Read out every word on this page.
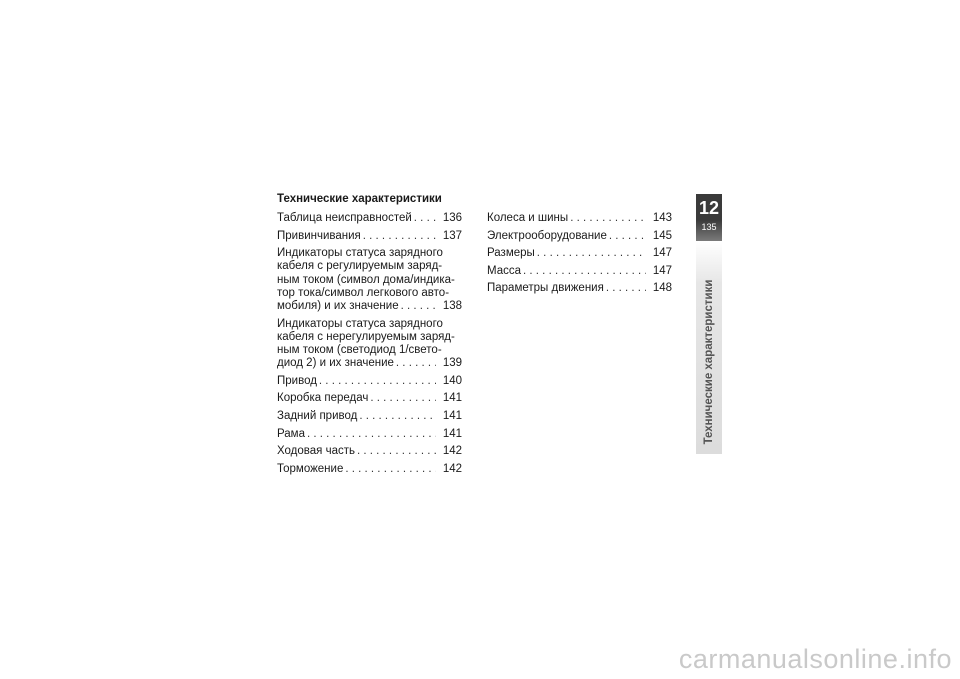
Технические характеристики
Таблица неисправностей . . .	136
Привинчивания . . .	137
Индикаторы статуса зарядного
кабеля с регулируемым заряд-
ным током (символ дома/индика-
тор тока/символ легкового авто-
мобиля) и их значение . . .	138
Индикаторы статуса зарядного
кабеля с нерегулируемым заряд-
ным током (светодиод 1/свето-
диод 2) и их значение . . .	139
Привод . . .	140
Коробка передач . . .	141
Задний привод . . .	141
Рама . . .	141
Ходовая часть . . .	142
Торможение . . .	142
Колеса и шины . . .	143
Электрооборудование . . .	145
Размеры . . .	147
Масса . . .	147
Параметры движения . . .	148
12
135
Технические характеристики
carmanualsonline.info
